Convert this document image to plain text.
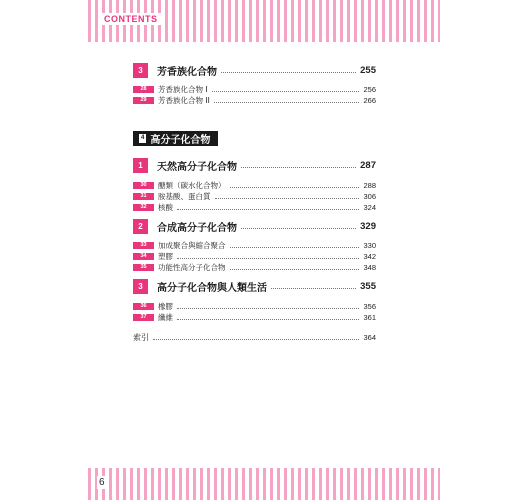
CONTENTS
6
3 芳香族化合物	255
28 芳香族化合物 I	256
29 芳香族化合物 II	266
4 高分子化合物
1 天然高分子化合物	287
30 醣類（碳水化合物）	288
31 胺基酸、蛋白質	306
32 核酸	324
2 合成高分子化合物	329
33 加成聚合與縮合聚合	330
34 塑膠	342
35 功能性高分子化合物	348
3 高分子化合物與人類生活	355
36 橡膠	356
37 纖維	361
索引	364
